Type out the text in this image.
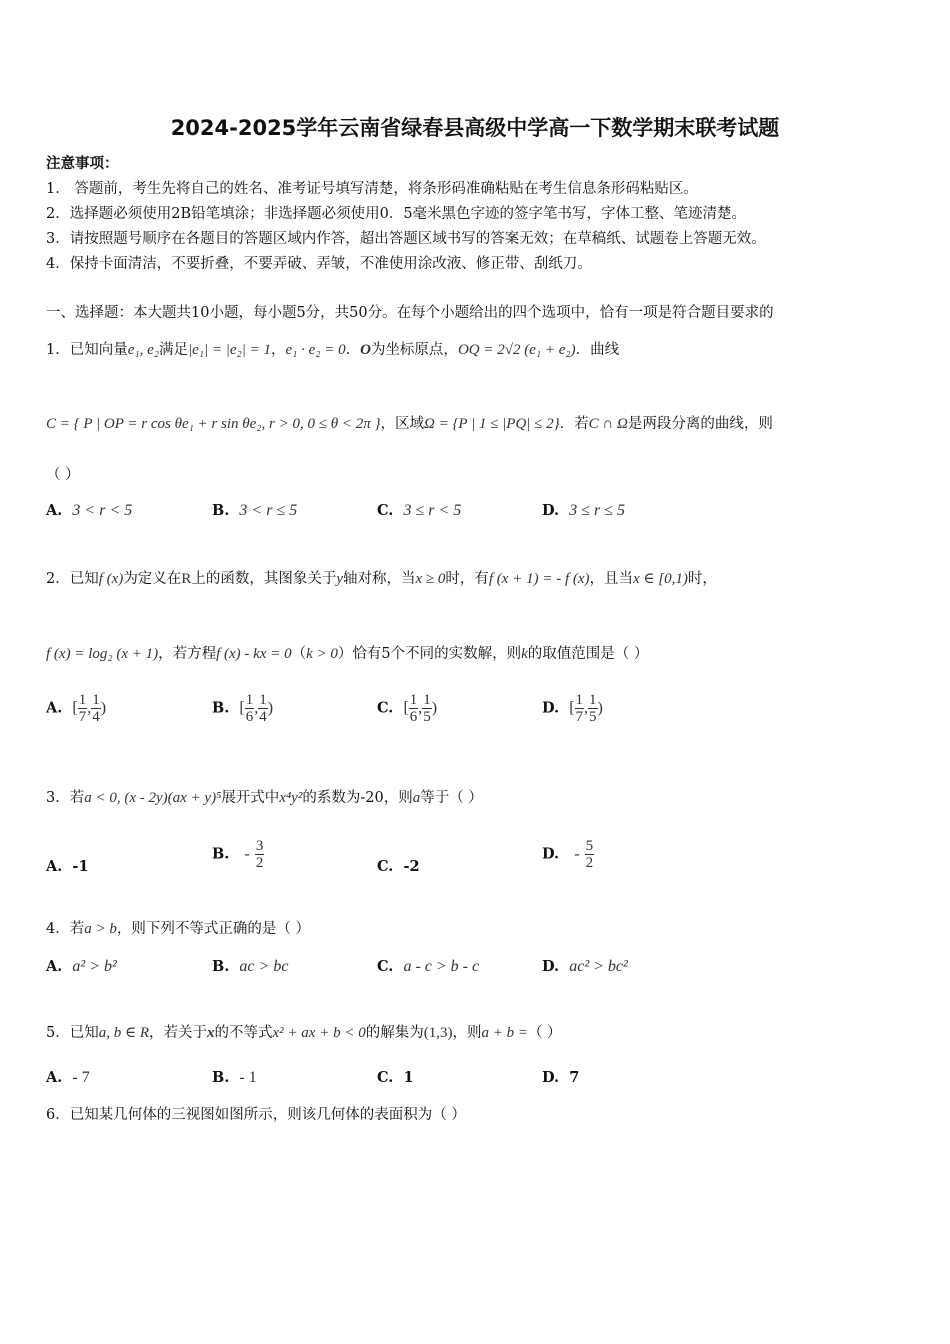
2024-2025学年云南省绿春县高级中学高一下数学期末联考试题
注意事项：
1． 答题前，考生先将自己的姓名、准考证号填写清楚，将条形码准确粘贴在考生信息条形码粘贴区。
2．选择题必须使用2B铅笔填涂；非选择题必须使用0．5毫米黑色字迹的签字笔书写，字体工整、笔迹清楚。
3．请按照题号顺序在各题目的答题区域内作答，超出答题区域书写的答案无效；在草稿纸、试题卷上答题无效。
4．保持卡面清洁，不要折叠，不要弄破、弄皱，不准使用涂改液、修正带、刮纸刀。
一、选择题：本大题共10小题，每小题5分，共50分。在每个小题给出的四个选项中，恰有一项是符合题目要求的
1．已知向量e₁, e₂满足|e₁| = |e₂| = 1，e₁ · e₂ = 0．O为坐标原点，OQ = 2√2 (e₁ + e₂)．曲线
C = { P | OP = r cos θe₁ + r sin θe₂, r > 0, 0 ≤ θ < 2π }，区域Ω = {P | 1 ≤ |PQ| ≤ 2}．若C ∩ Ω是两段分离的曲线，则
（ ）
A. 3 < r < 5	B. 3 < r ≤ 5	C. 3 ≤ r < 5	D. 3 ≤ r ≤ 5
2．已知f (x)为定义在R上的函数，其图象关于y轴对称，当x ≥ 0时，有f (x + 1) = - f (x)，且当x ∈ [0,1)时，
f (x) = log₂ (x + 1)，若方程f (x) - kx = 0（k > 0）恰有5个不同的实数解，则k的取值范围是（ ）
A. [ $\frac{1}{7}$ , $\frac{1}{4}$ )	B. [ $\frac{1}{6}$ , $\frac{1}{4}$ )	C. [ $\frac{1}{6}$ , $\frac{1}{5}$ )	D. [ $\frac{1}{7}$ , $\frac{1}{5}$ )
3．若a < 0, (x - 2y)(ax + y)⁵展开式中x⁴y²的系数为-20，则a等于（ ）
A. -1
B. - $\frac{3}{2}$	C. -2
D. - $\frac{5}{2}$
4．若a > b，则下列不等式正确的是（ ）
A. a² > b²	B. ac > bc	C. a - c > b - c	D. ac² > bc²
5．已知a, b ∈ R，若关于x的不等式x² + ax + b < 0的解集为(1,3)，则a + b =（ ）
A. - 7	B. - 1	C. 1	D. 7
6．已知某几何体的三视图如图所示，则该几何体的表面积为（ ）
